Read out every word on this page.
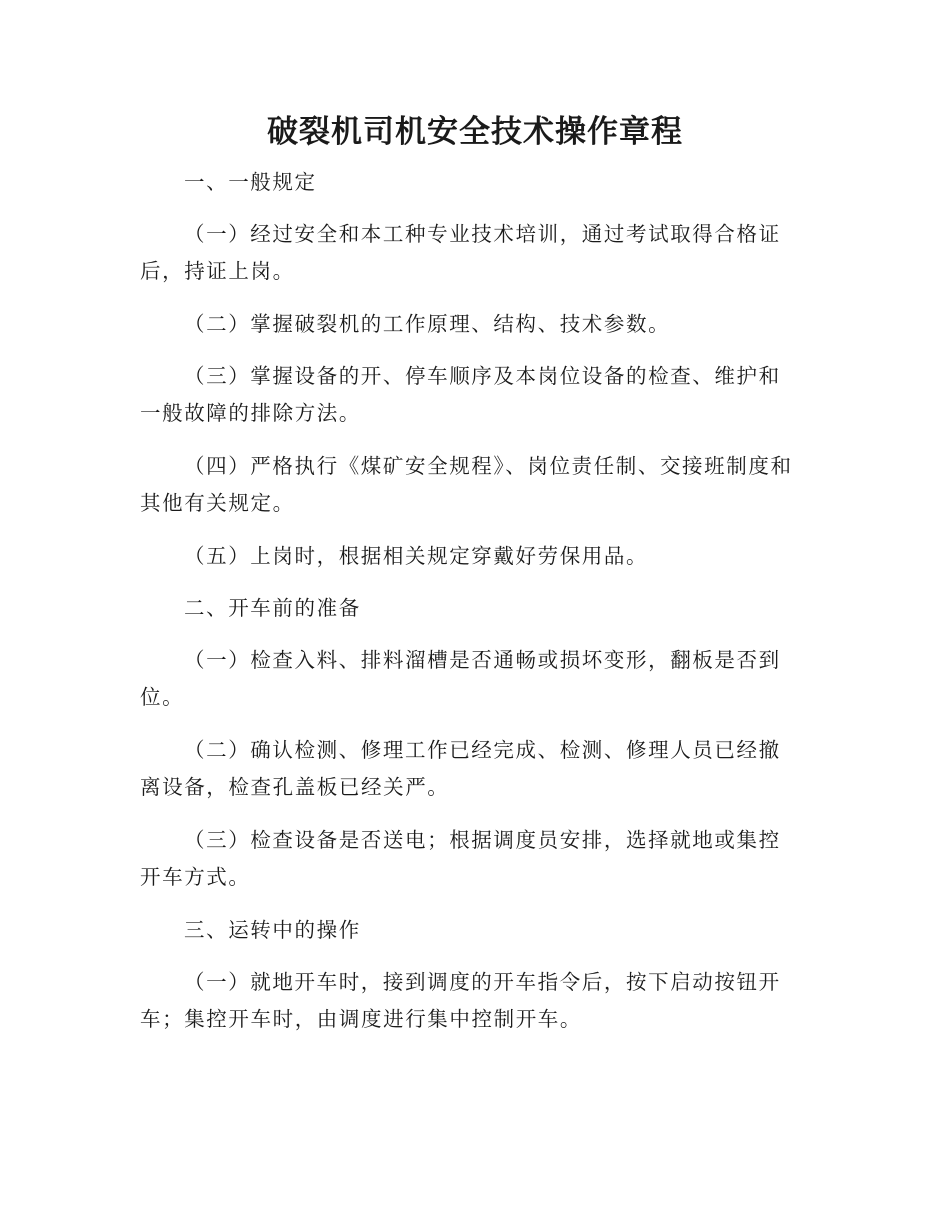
破裂机司机安全技术操作章程

一、一般规定

（一）经过安全和本工种专业技术培训，通过考试取得合格证后，持证上岗。

（二）掌握破裂机的工作原理、结构、技术参数。

（三）掌握设备的开、停车顺序及本岗位设备的检查、维护和一般故障的排除方法。

（四）严格执行《煤矿安全规程》、岗位责任制、交接班制度和其他有关规定。

（五）上岗时，根据相关规定穿戴好劳保用品。

二、开车前的准备

（一）检查入料、排料溜槽是否通畅或损坏变形，翻板是否到位。

（二）确认检测、修理工作已经完成、检测、修理人员已经撤离设备，检查孔盖板已经关严。

（三）检查设备是否送电；根据调度员安排，选择就地或集控开车方式。

三、运转中的操作

（一）就地开车时，接到调度的开车指令后，按下启动按钮开车；集控开车时，由调度进行集中控制开车。
